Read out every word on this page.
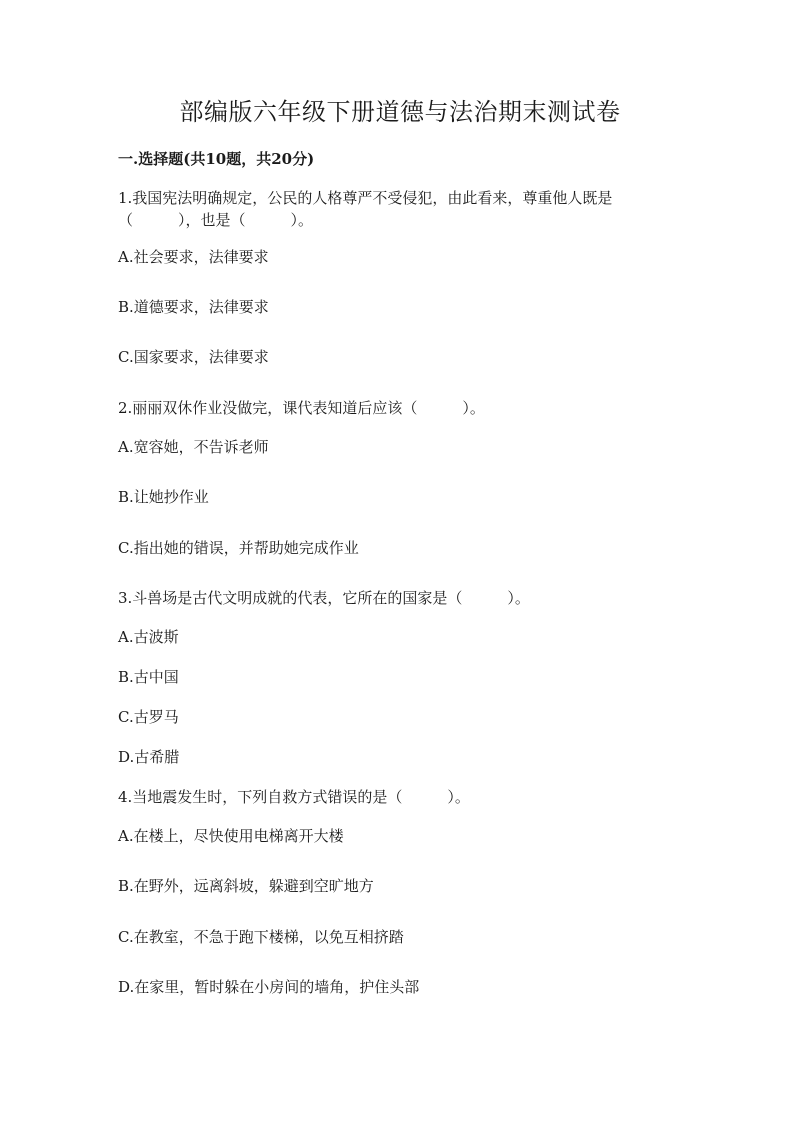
部编版六年级下册道德与法治期末测试卷
一.选择题(共10题，共20分)
1.我国宪法明确规定，公民的人格尊严不受侵犯，由此看来，尊重他人既是
（　　　），也是（　　　）。
A.社会要求，法律要求
B.道德要求，法律要求
C.国家要求，法律要求
2.丽丽双休作业没做完，课代表知道后应该（　　　）。
A.宽容她，不告诉老师
B.让她抄作业
C.指出她的错误，并帮助她完成作业
3.斗兽场是古代文明成就的代表，它所在的国家是（　　　）。
A.古波斯
B.古中国
C.古罗马
D.古希腊
4.当地震发生时，下列自救方式错误的是（　　　）。
A.在楼上，尽快使用电梯离开大楼
B.在野外，远离斜坡，躲避到空旷地方
C.在教室，不急于跑下楼梯，以免互相挤踏
D.在家里，暂时躲在小房间的墙角，护住头部
